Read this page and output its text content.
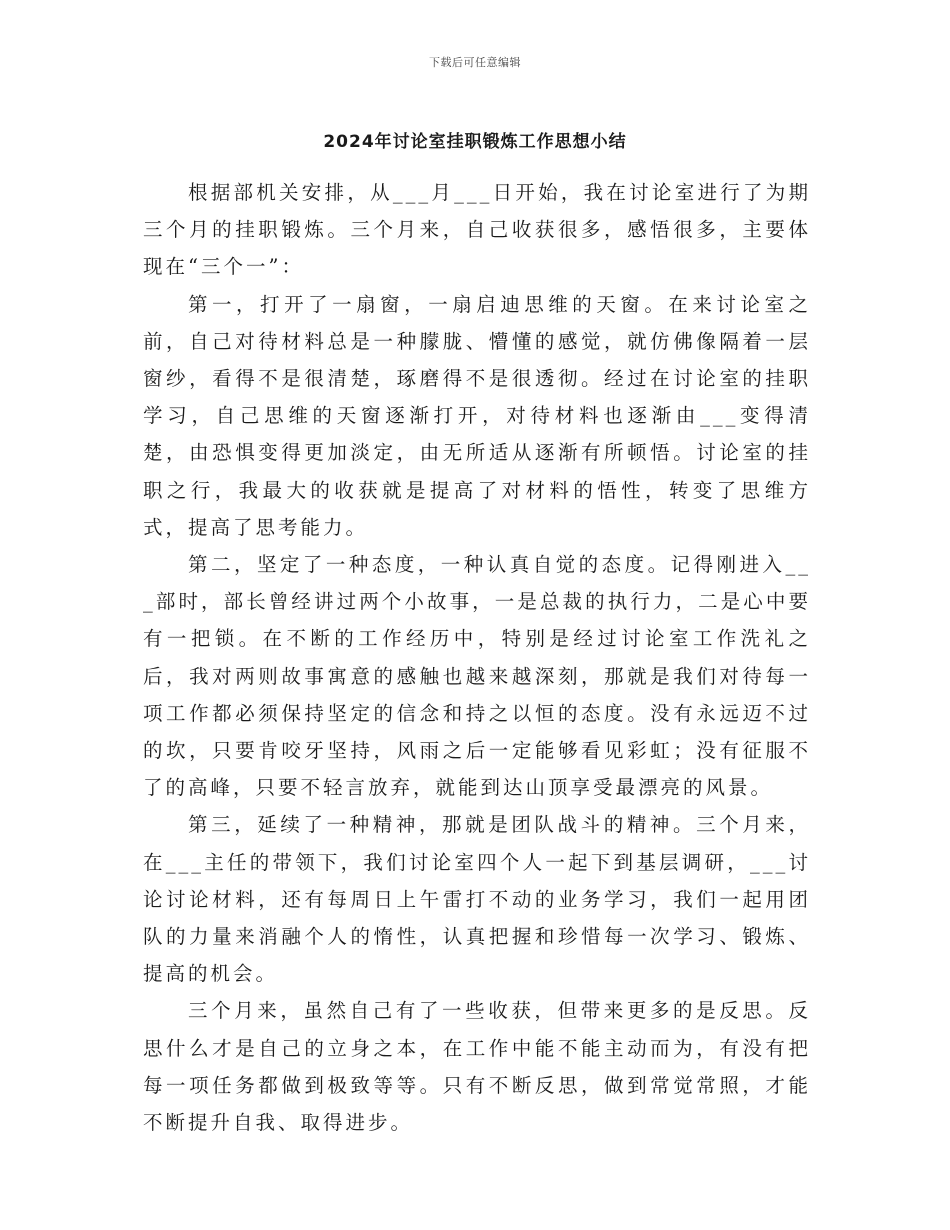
下载后可任意编辑
2024年讨论室挂职锻炼工作思想小结

根据部机关安排，从___月___日开始，我在讨论室进行了为期三个月的挂职锻炼。三个月来，自己收获很多，感悟很多，主要体现在“三个一”：

第一，打开了一扇窗，一扇启迪思维的天窗。在来讨论室之前，自己对待材料总是一种朦胧、懵懂的感觉，就仿佛像隔着一层窗纱，看得不是很清楚，琢磨得不是很透彻。经过在讨论室的挂职学习，自己思维的天窗逐渐打开，对待材料也逐渐由___变得清楚，由恐惧变得更加淡定，由无所适从逐渐有所顿悟。讨论室的挂职之行，我最大的收获就是提高了对材料的悟性，转变了思维方式，提高了思考能力。

第二，坚定了一种态度，一种认真自觉的态度。记得刚进入___部时，部长曾经讲过两个小故事，一是总裁的执行力，二是心中要有一把锁。在不断的工作经历中，特别是经过讨论室工作洗礼之后，我对两则故事寓意的感触也越来越深刻，那就是我们对待每一项工作都必须保持坚定的信念和持之以恒的态度。没有永远迈不过的坎，只要肯咬牙坚持，风雨之后一定能够看见彩虹；没有征服不了的高峰，只要不轻言放弃，就能到达山顶享受最漂亮的风景。

第三，延续了一种精神，那就是团队战斗的精神。三个月来，在___主任的带领下，我们讨论室四个人一起下到基层调研，___讨论讨论材料，还有每周日上午雷打不动的业务学习，我们一起用团队的力量来消融个人的惰性，认真把握和珍惜每一次学习、锻炼、提高的机会。

三个月来，虽然自己有了一些收获，但带来更多的是反思。反思什么才是自己的立身之本，在工作中能不能主动而为，有没有把每一项任务都做到极致等等。只有不断反思，做到常觉常照，才能不断提升自我、取得进步。
